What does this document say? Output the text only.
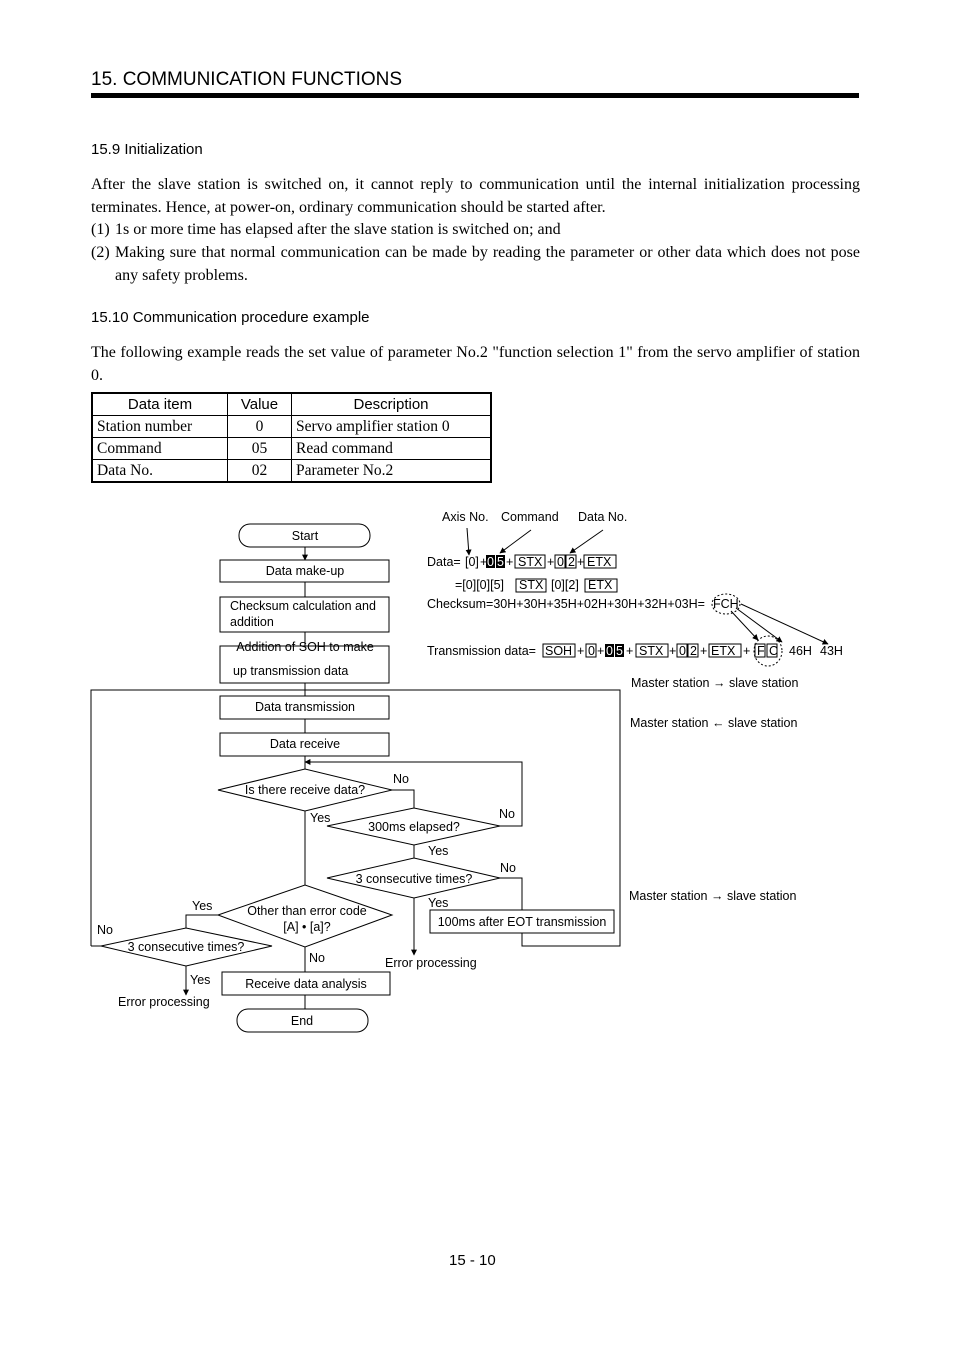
15. COMMUNICATION FUNCTIONS
15.9 Initialization
After the slave station is switched on, it cannot reply to communication until the internal initialization processing terminates. Hence, at power-on, ordinary communication should be started after.
(1) 1s or more time has elapsed after the slave station is switched on; and
(2) Making sure that normal communication can be made by reading the parameter or other data which does not pose any safety problems.
15.10 Communication procedure example
The following example reads the set value of parameter No.2 "function selection 1" from the servo amplifier of station 0.
Data item	Value	Description
Station number	0	Servo amplifier station 0
Command	05	Read command
Data No.	02	Parameter No.2
Start
Data make-up
Addition of SOH to make
Data transmission
Data receive
Is there receive data?
300ms elapsed?
3 consecutive times?
Other than error code
[A] • [a]?
3 consecutive times?
100ms after EOT transmission
Receive data analysis
End
Checksum calculation and
addition
up transmission data
No
Yes	No
Yes
No
Yes
Yes
No
No
Yes
Error processing
Error processing
Axis No. Command Data No.
Data= [0] + 0 5 + STX + 0 2 + ETX
=[0][0][5] STX [0][2] ETX
Checksum=30H+30H+35H+02H+30H+32H+03H= FCH
Transmission data= SOH + 0 + 0 5 + STX + 0 2 + ETX + F C 46H 43H
Master station → slave station
Master station ← slave station
Master station → slave station
15 - 10
